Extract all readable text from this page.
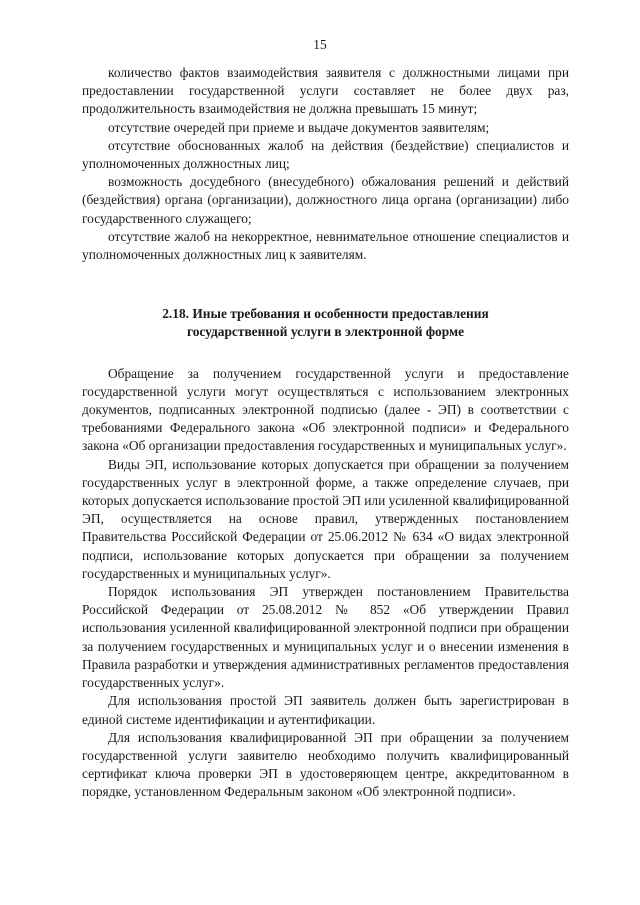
15

количество фактов взаимодействия заявителя с должностными лицами при предоставлении государственной услуги составляет не более двух раз, продолжительность взаимодействия не должна превышать 15 минут;

отсутствие очередей при приеме и выдаче документов заявителям;

отсутствие обоснованных жалоб на действия (бездействие) специалистов и уполномоченных должностных лиц;

возможность досудебного (внесудебного) обжалования решений и действий (бездействия) органа (организации), должностного лица органа (организации) либо государственного служащего;

отсутствие жалоб на некорректное, невнимательное отношение специалистов и уполномоченных должностных лиц к заявителям.

2.18. Иные требования и особенности предоставления
государственной услуги в электронной форме

Обращение за получением государственной услуги и предоставление государственной услуги могут осуществляться с использованием электронных документов, подписанных электронной подписью (далее - ЭП) в соответствии с требованиями Федерального закона «Об электронной подписи» и Федерального закона «Об организации предоставления государственных и муниципальных услуг».

Виды ЭП, использование которых допускается при обращении за получением государственных услуг в электронной форме, а также определение случаев, при которых допускается использование простой ЭП или усиленной квалифицированной ЭП, осуществляется на основе правил, утвержденных постановлением Правительства Российской Федерации от 25.06.2012 № 634 «О видах электронной подписи, использование которых допускается при обращении за получением государственных и муниципальных услуг».

Порядок использования ЭП утвержден постановлением Правительства Российской Федерации от 25.08.2012 № 852 «Об утверждении Правил использования усиленной квалифицированной электронной подписи при обращении за получением государственных и муниципальных услуг и о внесении изменения в Правила разработки и утверждения административных регламентов предоставления государственных услуг».

Для использования простой ЭП заявитель должен быть зарегистрирован в единой системе идентификации и аутентификации.

Для использования квалифицированной ЭП при обращении за получением государственной услуги заявителю необходимо получить квалифицированный сертификат ключа проверки ЭП в удостоверяющем центре, аккредитованном в порядке, установленном Федеральным законом «Об электронной подписи».
